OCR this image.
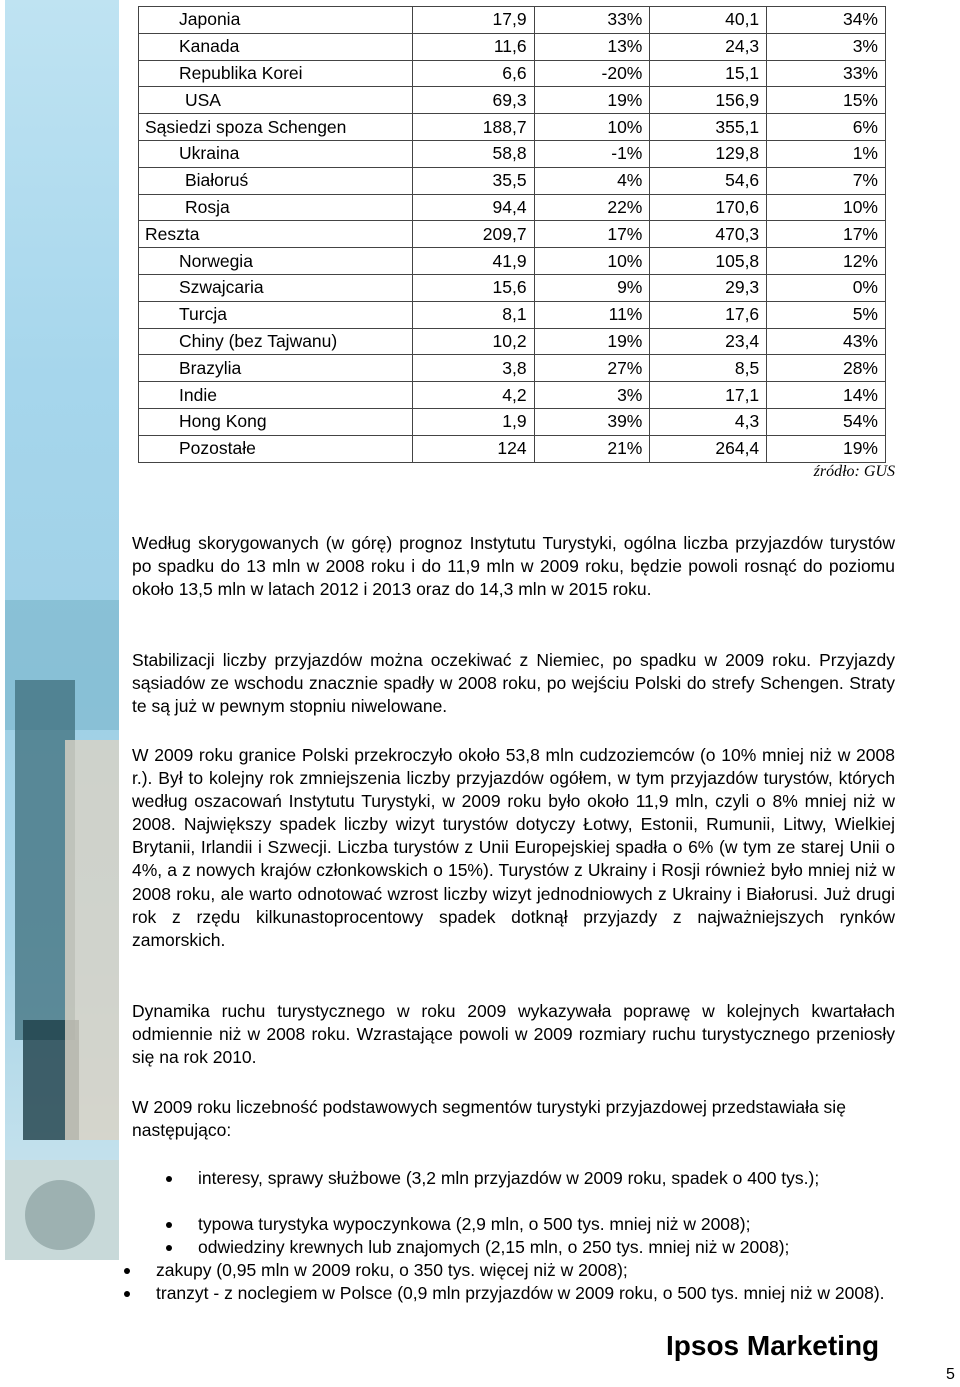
Japonia	17,9	33%	40,1	34%
Kanada	11,6	13%	24,3	3%
Republika Korei	6,6	-20%	15,1	33%
USA	69,3	19%	156,9	15%
Sąsiedzi spoza Schengen	188,7	10%	355,1	6%
Ukraina	58,8	-1%	129,8	1%
Białoruś	35,5	4%	54,6	7%
Rosja	94,4	22%	170,6	10%
Reszta	209,7	17%	470,3	17%
Norwegia	41,9	10%	105,8	12%
Szwajcaria	15,6	9%	29,3	0%
Turcja	8,1	11%	17,6	5%
Chiny (bez Tajwanu)	10,2	19%	23,4	43%
Brazylia	3,8	27%	8,5	28%
Indie	4,2	3%	17,1	14%
Hong Kong	1,9	39%	4,3	54%
Pozostałe	124	21%	264,4	19%
źródło: GUS

Według skorygowanych (w górę) prognoz Instytutu Turystyki, ogólna liczba przyjazdów turystów po spadku do 13 mln w 2008 roku i do 11,9 mln w 2009 roku, będzie powoli rosnąć do poziomu około 13,5 mln w latach 2012 i 2013 oraz do 14,3 mln w 2015 roku.

Stabilizacji liczby przyjazdów można oczekiwać z Niemiec, po spadku w 2009 roku. Przyjazdy sąsiadów ze wschodu znacznie spadły w 2008 roku, po wejściu Polski do strefy Schengen. Straty te są już w pewnym stopniu niwelowane.

W 2009 roku granice Polski przekroczyło około 53,8 mln cudzoziemców (o 10% mniej niż w 2008 r.). Był to kolejny rok zmniejszenia liczby przyjazdów ogółem, w tym przyjazdów turystów, których według oszacowań Instytutu Turystyki, w 2009 roku było około 11,9 mln, czyli o 8% mniej niż w 2008. Największy spadek liczby wizyt turystów dotyczy Łotwy, Estonii, Rumunii, Litwy, Wielkiej Brytanii, Irlandii i Szwecji. Liczba turystów z Unii Europejskiej spadła o 6% (w tym ze starej Unii o 4%, a z nowych krajów członkowskich o 15%). Turystów z Ukrainy i Rosji również było mniej niż w 2008 roku, ale warto odnotować wzrost liczby wizyt jednodniowych z Ukrainy i Białorusi. Już drugi rok z rzędu kilkunastoprocentowy spadek dotknął przyjazdy z najważniejszych rynków zamorskich.

Dynamika ruchu turystycznego w roku 2009 wykazywała poprawę w kolejnych kwartałach odmiennie niż w 2008 roku. Wzrastające powoli w 2009 rozmiary ruchu turystycznego przeniosły się na rok 2010.

W 2009 roku liczebność podstawowych segmentów turystyki przyjazdowej przedstawiała się następująco:

interesy, sprawy służbowe (3,2 mln przyjazdów w 2009 roku, spadek o 400 tys.);
typowa turystyka wypoczynkowa (2,9 mln, o 500 tys. mniej niż w 2008);
odwiedziny krewnych lub znajomych (2,15 mln, o 250 tys. mniej niż w 2008);
zakupy (0,95 mln w 2009 roku, o 350 tys. więcej niż w 2008);
tranzyt - z noclegiem w Polsce (0,9 mln przyjazdów w 2009 roku, o 500 tys. mniej niż w 2008).
Ipsos Marketing
5
